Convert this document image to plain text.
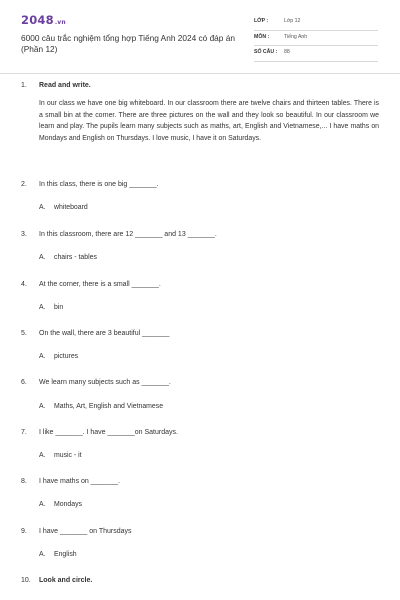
2048.vn
6000 câu trắc nghiệm tổng hợp Tiếng Anh 2024 có đáp án (Phần 12)
LỚP :	Lớp 12
MÔN :	Tiếng Anh
SỐ CÂU : 88
1. Read and write.
In our class we have one big whiteboard. In our classroom there are twelve chairs and thirteen tables. There is a small bin at the corner. There are three pictures on the wall and they look so beautiful. In our classroom we learn and play. The pupils learn many subjects such as maths, art, English and Vietnamese,... I have maths on Mondays and English on Thursdays. I love music, I have it on Saturdays.
2. In this class, there is one big _______.
A. whiteboard
3. In this classroom, there are 12 _______ and 13 _______.
A. chairs - tables
4. At the corner, there is a small _______.
A. bin
5. On the wall, there are 3 beautiful _______
A. pictures
6. We learn many subjects such as _______.
A. Maths, Art, English and Vietnamese
7. I like _______. I have _______on Saturdays.
A. music - it
8. I have maths on _______.
A. Mondays
9. I have _______ on Thursdays
A. English
10. Look and circle.
